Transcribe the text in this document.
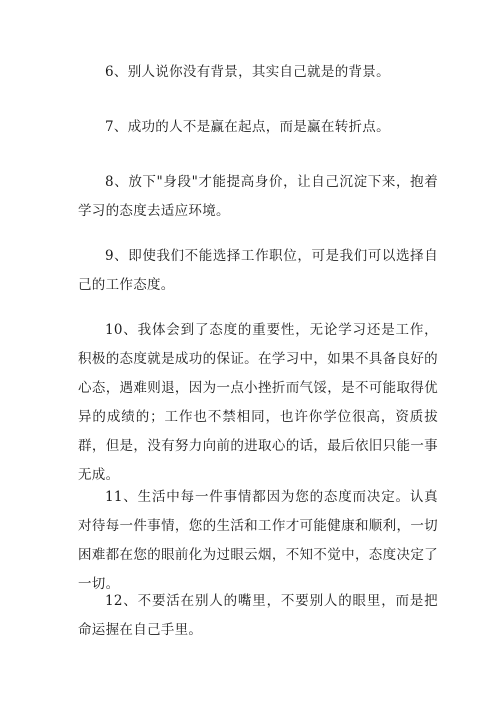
6、别人说你没有背景，其实自己就是的背景。

7、成功的人不是赢在起点，而是赢在转折点。

8、放下"身段"才能提高身价，让自己沉淀下来，抱着学习的态度去适应环境。

9、即使我们不能选择工作职位，可是我们可以选择自己的工作态度。

10、我体会到了态度的重要性，无论学习还是工作，积极的态度就是成功的保证。在学习中，如果不具备良好的心态，遇难则退，因为一点小挫折而气馁，是不可能取得优异的成绩的；工作也不禁相同，也许你学位很高，资质拔群，但是，没有努力向前的进取心的话，最后依旧只能一事无成。

11、生活中每一件事情都因为您的态度而决定。认真对待每一件事情，您的生活和工作才可能健康和顺利，一切困难都在您的眼前化为过眼云烟，不知不觉中，态度决定了一切。

12、不要活在别人的嘴里，不要别人的眼里，而是把命运握在自己手里。
